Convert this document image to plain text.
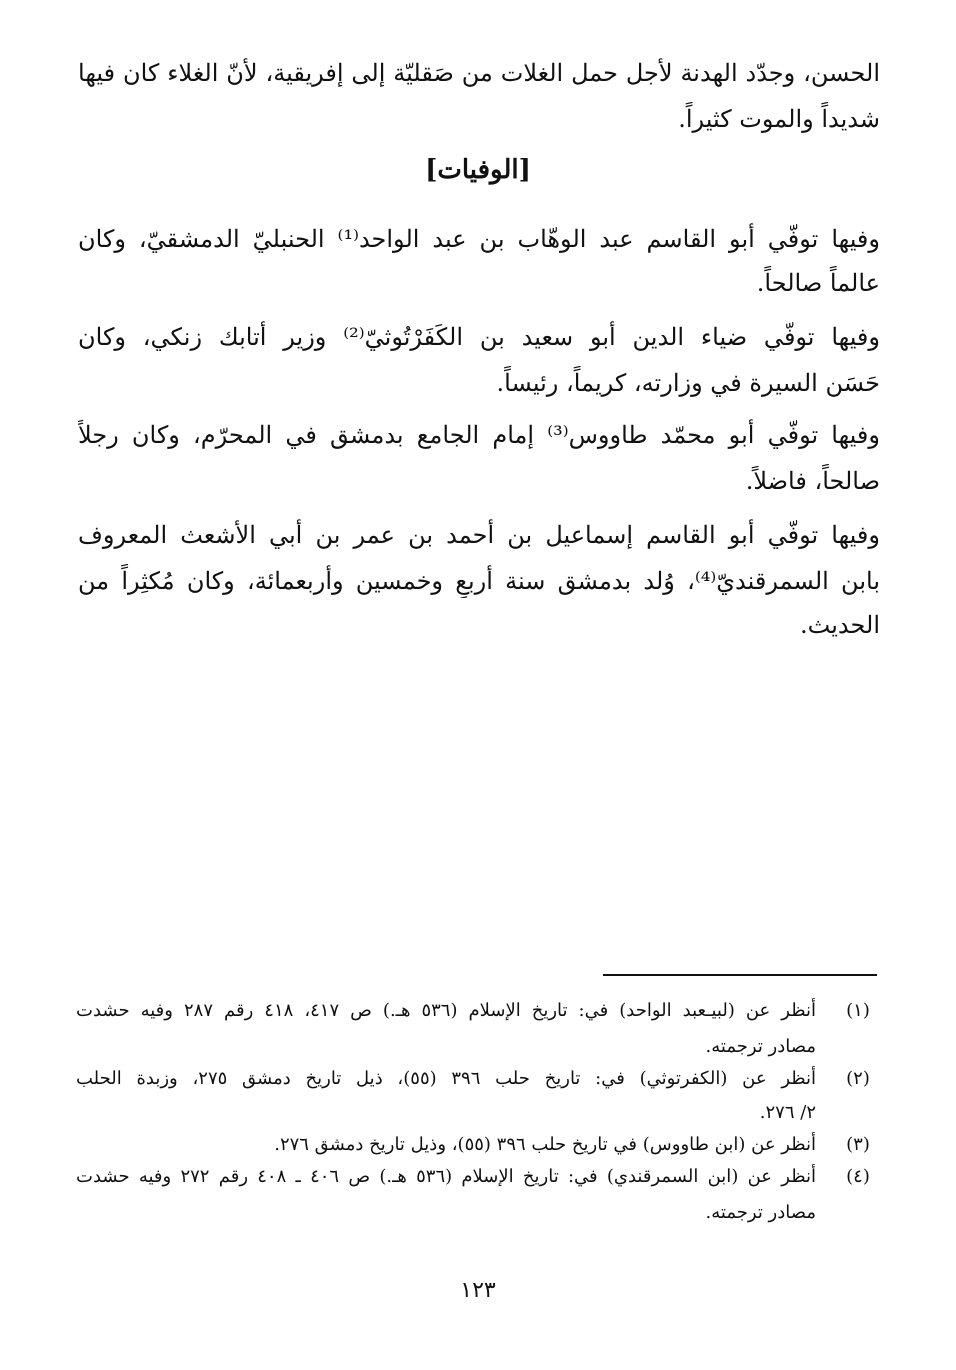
الحسن، وجدّد الهدنة لأجل حمل الغلات من صَقليّة إلى إفريقية، لأنّ الغلاء كان فيها
شديداً والموت كثيراً.
[الوفيات]
وفيها توفّي أبو القاسم عبد الوهّاب بن عبد الواحد⁽¹⁾ الحنبليّ الدمشقيّ، وكان
عالماً صالحاً.
وفيها توفّي ضياء الدين أبو سعيد بن الكَفَرْتُوثيّ⁽²⁾ وزير أتابك زنكي، وكان
حَسَن السيرة في وزارته، كريماً، رئيساً.
وفيها توفّي أبو محمّد طاووس⁽³⁾ إمام الجامع بدمشق في المحرّم، وكان رجلاً
صالحاً، فاضلاً.
وفيها توفّي أبو القاسم إسماعيل بن أحمد بن عمر بن أبي الأشعث المعروف
بابن السمرقنديّ⁽⁴⁾، وُلد بدمشق سنة أربعٍ وخمسين وأربعمائة، وكان مُكثِراً من
الحديث.
(١)
أنظر عن (لبيـعبد الواحد) في: تاريخ الإسلام (٥٣٦ هـ.) ص ٤١٧، ٤١٨ رقم ٢٨٧ وفيه حشدت
مصادر ترجمته.
(٢)
أنظر عن (الكفرتوثي) في: تاريخ حلب ٣٩٦ (٥٥)، ذيل تاريخ دمشق ٢٧٥، وزبدة الحلب
٢/ ٢٧٦.
(٣)
أنظر عن (ابن طاووس) في تاريخ حلب ٣٩٦ (٥٥)، وذيل تاريخ دمشق ٢٧٦.
(٤)
أنظر عن (ابن السمرقندي) في: تاريخ الإسلام (٥٣٦ هـ.) ص ٤٠٦ ـ ٤٠٨ رقم ٢٧٢ وفيه حشدت
مصادر ترجمته.
١٢٣
